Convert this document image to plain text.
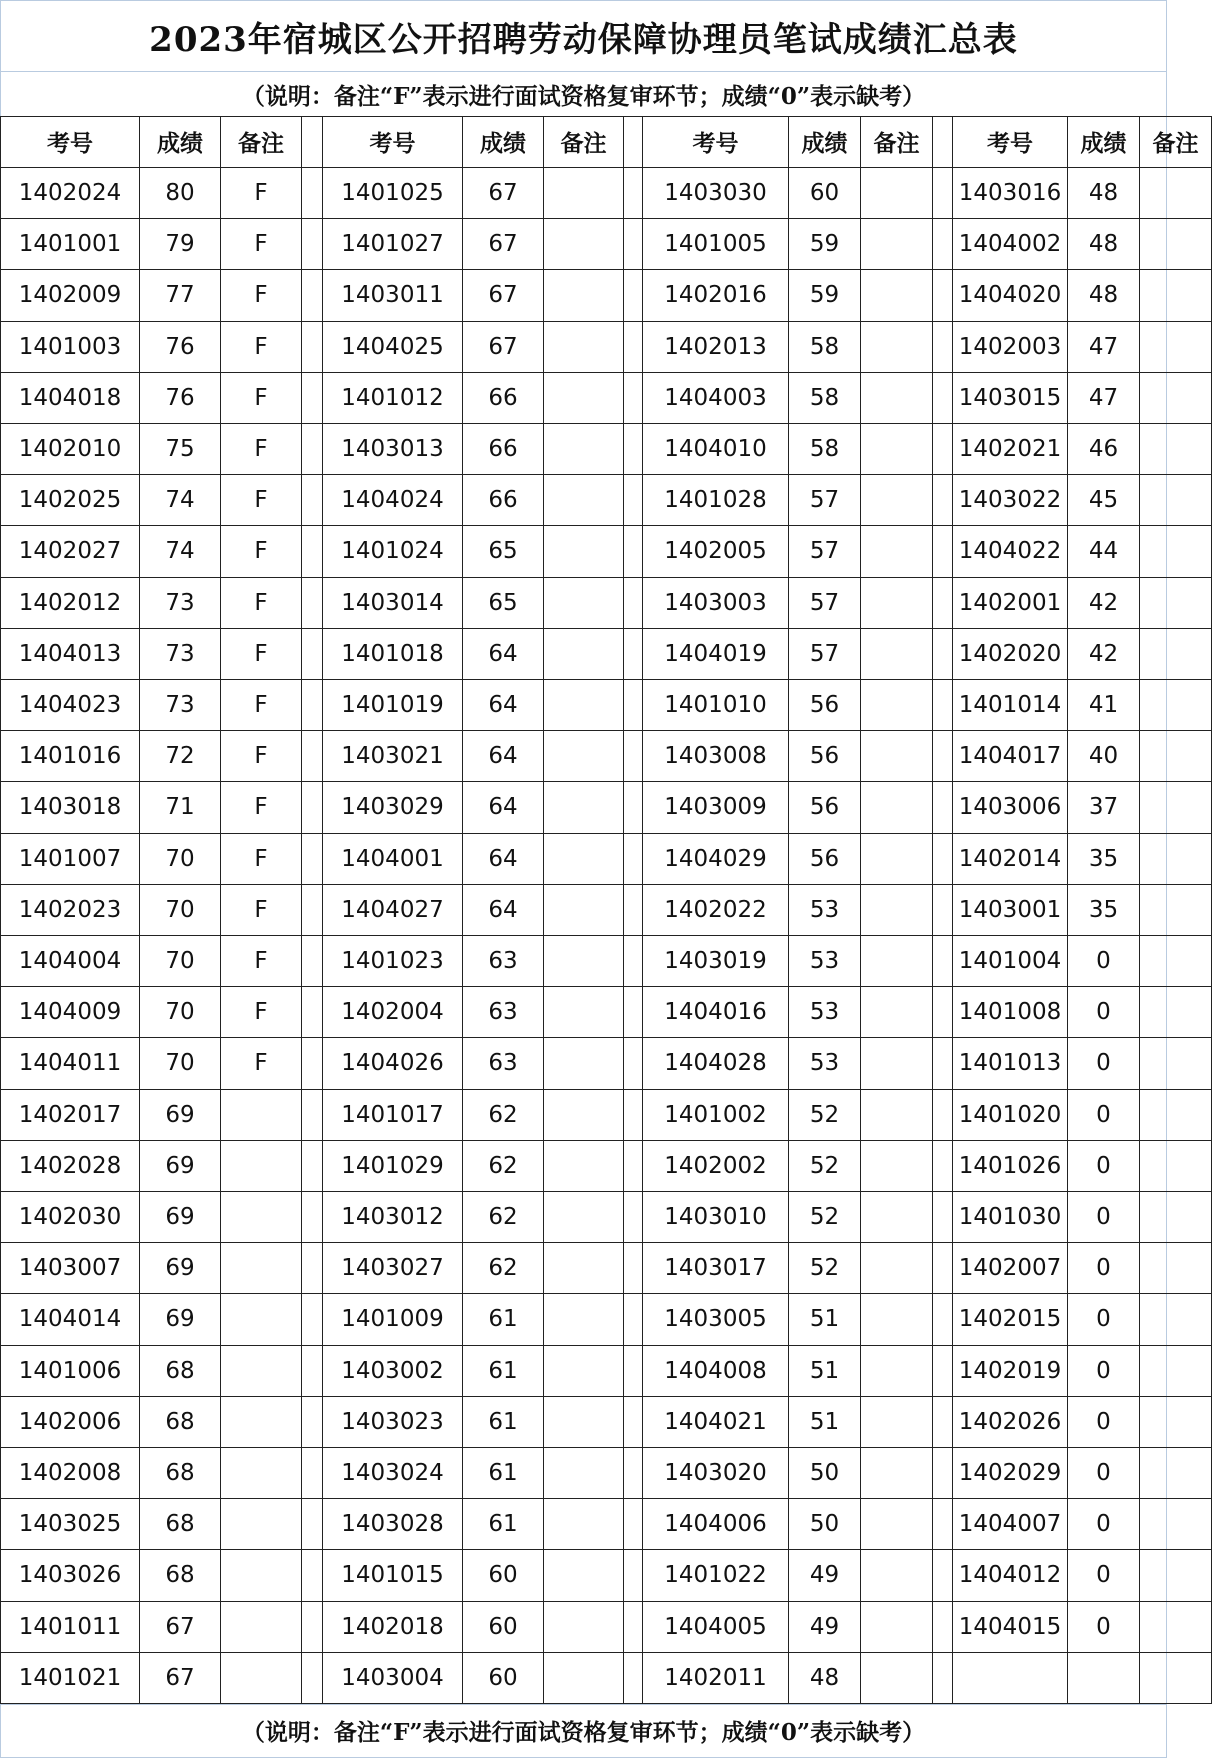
2023年宿城区公开招聘劳动保障协理员笔试成绩汇总表
（说明：备注“F”表示进行面试资格复审环节；成绩“0”表示缺考）
考号	成绩	备注		考号	成绩	备注		考号	成绩	备注		考号	成绩	备注
1402024	80	F		1401025	67			1403030	60			1403016	48	
1401001	79	F		1401027	67			1401005	59			1404002	48	
1402009	77	F		1403011	67			1402016	59			1404020	48	
1401003	76	F		1404025	67			1402013	58			1402003	47	
1404018	76	F		1401012	66			1404003	58			1403015	47	
1402010	75	F		1403013	66			1404010	58			1402021	46	
1402025	74	F		1404024	66			1401028	57			1403022	45	
1402027	74	F		1401024	65			1402005	57			1404022	44	
1402012	73	F		1403014	65			1403003	57			1402001	42	
1404013	73	F		1401018	64			1404019	57			1402020	42	
1404023	73	F		1401019	64			1401010	56			1401014	41	
1401016	72	F		1403021	64			1403008	56			1404017	40	
1403018	71	F		1403029	64			1403009	56			1403006	37	
1401007	70	F		1404001	64			1404029	56			1402014	35	
1402023	70	F		1404027	64			1402022	53			1403001	35	
1404004	70	F		1401023	63			1403019	53			1401004	0	
1404009	70	F		1402004	63			1404016	53			1401008	0	
1404011	70	F		1404026	63			1404028	53			1401013	0	
1402017	69			1401017	62			1401002	52			1401020	0	
1402028	69			1401029	62			1402002	52			1401026	0	
1402030	69			1403012	62			1403010	52			1401030	0	
1403007	69			1403027	62			1403017	52			1402007	0	
1404014	69			1401009	61			1403005	51			1402015	0	
1401006	68			1403002	61			1404008	51			1402019	0	
1402006	68			1403023	61			1404021	51			1402026	0	
1402008	68			1403024	61			1403020	50			1402029	0	
1403025	68			1403028	61			1404006	50			1404007	0	
1403026	68			1401015	60			1401022	49			1404012	0	
1401011	67			1402018	60			1404005	49			1404015	0	
1401021	67			1403004	60			1402011	48					
（说明：备注“F”表示进行面试资格复审环节；成绩“0”表示缺考）
